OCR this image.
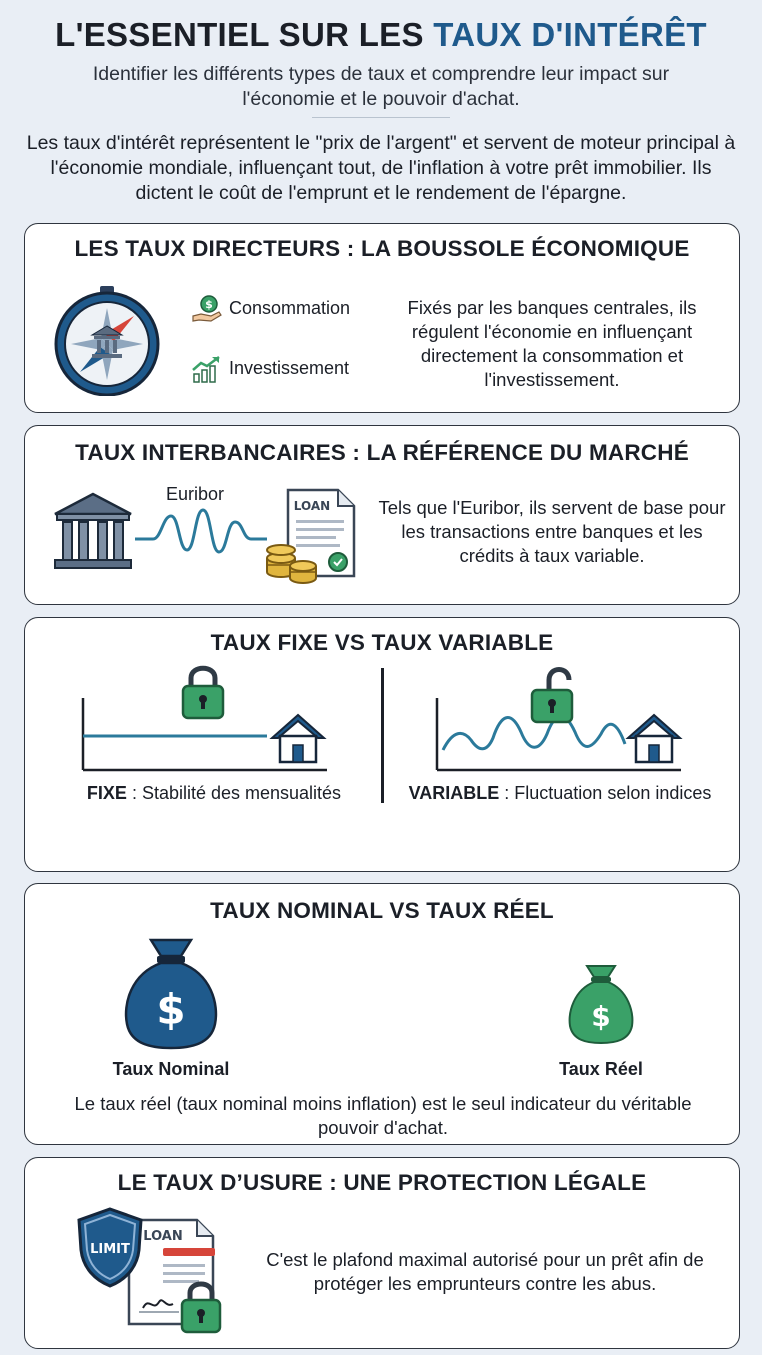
L'ESSENTIEL SUR LES TAUX D'INTÉRÊT
Identifier les différents types de taux et comprendre leur impact sur l'économie et le pouvoir d'achat.
Les taux d'intérêt représentent le "prix de l'argent" et servent de moteur principal à l'économie mondiale, influençant tout, de l'inflation à votre prêt immobilier. Ils dictent le coût de l'emprunt et le rendement de l'épargne.
LES TAUX DIRECTEURS : LA BOUSSOLE ÉCONOMIQUE
$ Consommation
Investissement
Fixés par les banques centrales, ils régulent l'économie en influençant directement la consommation et l'investissement.
TAUX INTERBANCAIRES : LA RÉFÉRENCE DU MARCHÉ
Euribor
LOAN	Tels que l'Euribor, ils servent de base pour les transactions entre banques et les crédits à taux variable.
TAUX FIXE VS TAUX VARIABLE
FIXE : Stabilité des mensualités	VARIABLE : Fluctuation selon indices
TAUX NOMINAL VS TAUX RÉEL
$
Taux Nominal
$
Taux Réel
Le taux réel (taux nominal moins inflation) est le seul indicateur du véritable pouvoir d'achat.
LE TAUX D’USURE : UNE PROTECTION LÉGALE
LOAN
LIMIT	C'est le plafond maximal autorisé pour un prêt afin de protéger les emprunteurs contre les abus.
